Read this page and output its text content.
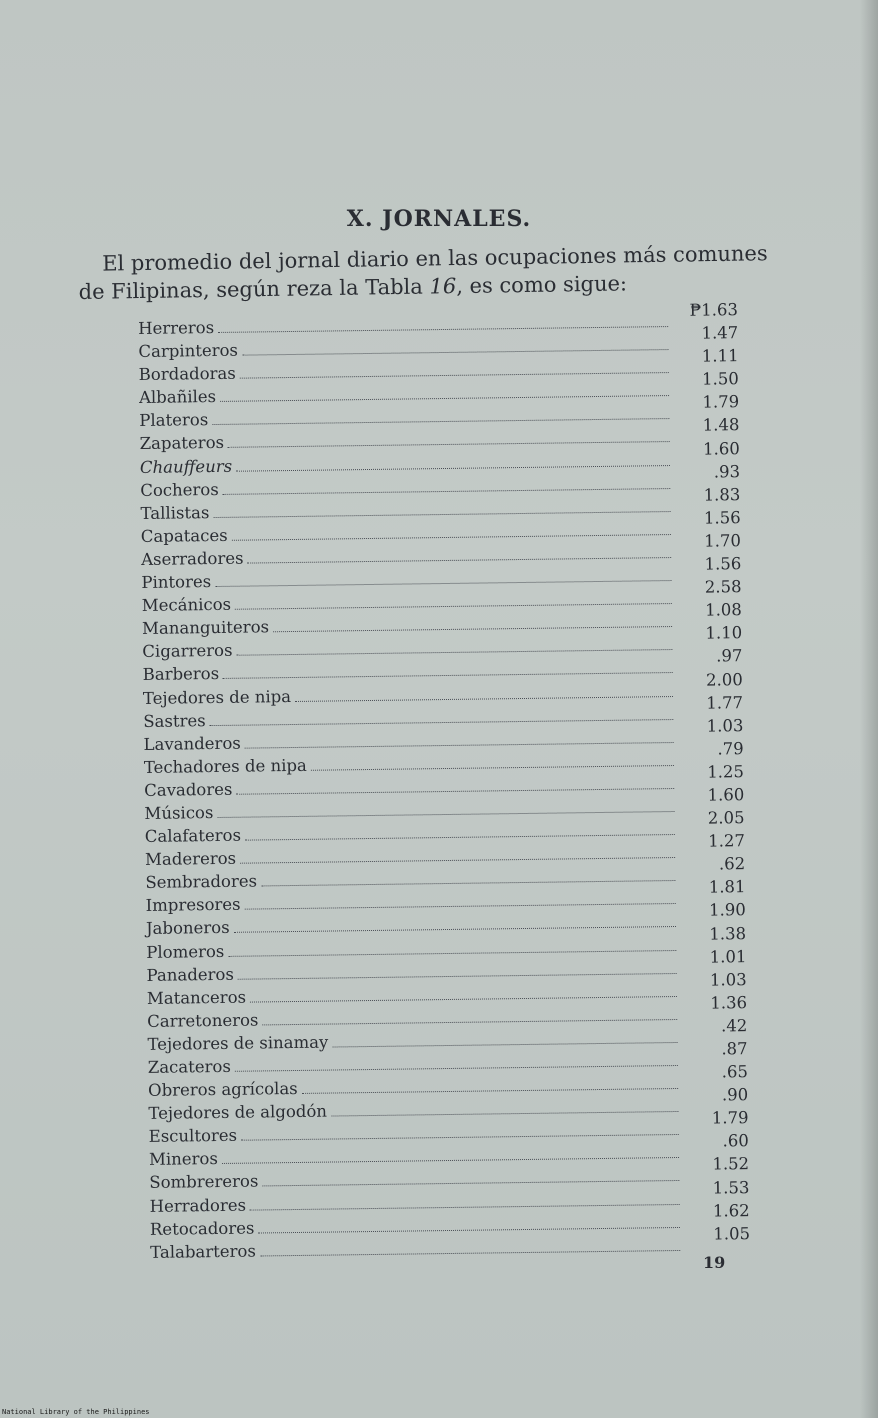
X. JORNALES.

El promedio del jornal diario en las ocupaciones más comunes

de Filipinas, según reza la Tabla 16, es como sigue:

Herreros
₱1.63
Carpinteros
1.47
Bordadoras
1.11
Albañiles
1.50
Plateros
1.79
Zapateros
1.48
Chauffeurs
1.60
Cocheros
.93
Tallistas
1.83
Capataces
1.56
Aserradores
1.70
Pintores
1.56
Mecánicos
2.58
Mananguiteros
1.08
Cigarreros
1.10
Barberos
.97
Tejedores de nipa
2.00
Sastres
1.77
Lavanderos
1.03
Techadores de nipa
.79
Cavadores
1.25
Músicos
1.60
Calafateros
2.05
Madereros
1.27
Sembradores
.62
Impresores
1.81
Jaboneros
1.90
Plomeros
1.38
Panaderos
1.01
Matanceros
1.03
Carretoneros
1.36
Tejedores de sinamay
.42
Zacateros
.87
Obreros agrícolas
.65
Tejedores de algodón
.90
Escultores
1.79
Mineros
.60
Sombrereros
1.52
Herradores
1.53
Retocadores
1.62
Talabarteros
1.05
19
National Library of the Philippines
